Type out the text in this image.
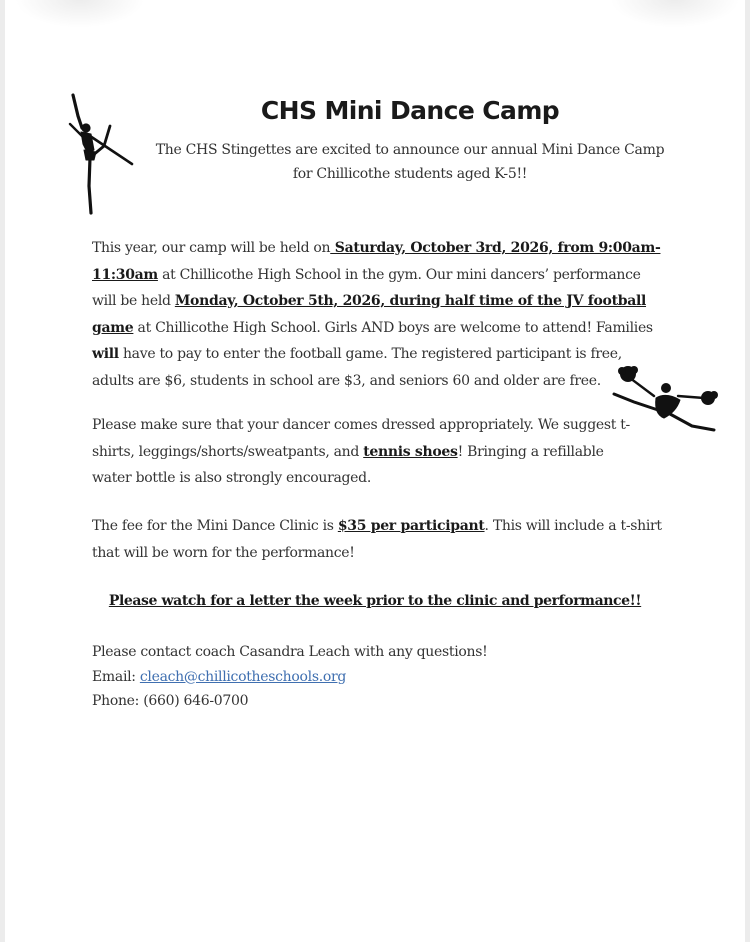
CHS Mini Dance Camp
The CHS Stingettes are excited to announce our annual Mini Dance Camp for Chillicothe students aged K-5!!
This year, our camp will be held on Saturday, October 3rd, 2026, from 9:00am-11:30am at Chillicothe High School in the gym. Our mini dancers’ performance will be held Monday, October 5th, 2026, during half time of the JV football game at Chillicothe High School. Girls AND boys are welcome to attend! Families will have to pay to enter the football game. The registered participant is free, adults are $6, students in school are $3, and seniors 60 and older are free.
Please make sure that your dancer comes dressed appropriately. We suggest t-shirts, leggings/shorts/sweatpants, and tennis shoes! Bringing a refillable water bottle is also strongly encouraged.
The fee for the Mini Dance Clinic is $35 per participant. This will include a t-shirt that will be worn for the performance!
Please watch for a letter the week prior to the clinic and performance!!
Please contact coach Casandra Leach with any questions!
Email: cleach@chillicotheschools.org
Phone: (660) 646-0700
